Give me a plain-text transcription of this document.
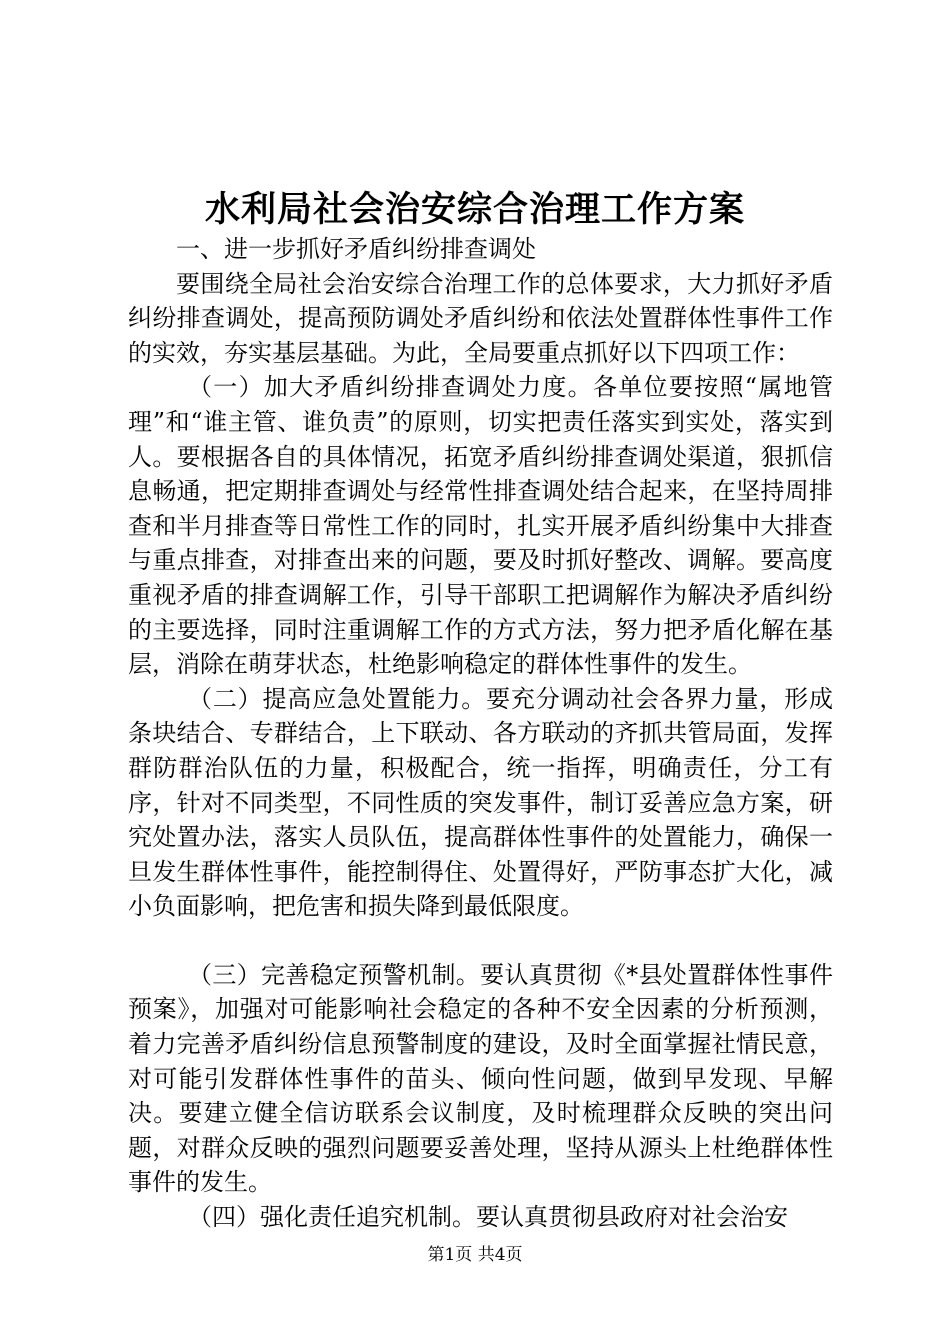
水利局社会治安综合治理工作方案

一、进一步抓好矛盾纠纷排查调处

要围绕全局社会治安综合治理工作的总体要求，大力抓好矛盾纠纷排查调处，提高预防调处矛盾纠纷和依法处置群体性事件工作的实效，夯实基层基础。为此，全局要重点抓好以下四项工作：

（一）加大矛盾纠纷排查调处力度。各单位要按照“属地管理”和“谁主管、谁负责”的原则，切实把责任落实到实处，落实到人。要根据各自的具体情况，拓宽矛盾纠纷排查调处渠道，狠抓信息畅通，把定期排查调处与经常性排查调处结合起来，在坚持周排查和半月排查等日常性工作的同时，扎实开展矛盾纠纷集中大排查与重点排查，对排查出来的问题，要及时抓好整改、调解。要高度重视矛盾的排查调解工作，引导干部职工把调解作为解决矛盾纠纷的主要选择，同时注重调解工作的方式方法，努力把矛盾化解在基层，消除在萌芽状态，杜绝影响稳定的群体性事件的发生。

（二）提高应急处置能力。要充分调动社会各界力量，形成条块结合、专群结合，上下联动、各方联动的齐抓共管局面，发挥群防群治队伍的力量，积极配合，统一指挥，明确责任，分工有序，针对不同类型，不同性质的突发事件，制订妥善应急方案，研究处置办法，落实人员队伍，提高群体性事件的处置能力，确保一旦发生群体性事件，能控制得住、处置得好，严防事态扩大化，减小负面影响，把危害和损失降到最低限度。

（三）完善稳定预警机制。要认真贯彻《*县处置群体性事件预案》，加强对可能影响社会稳定的各种不安全因素的分析预测，着力完善矛盾纠纷信息预警制度的建设，及时全面掌握社情民意，对可能引发群体性事件的苗头、倾向性问题，做到早发现、早解决。要建立健全信访联系会议制度，及时梳理群众反映的突出问题，对群众反映的强烈问题要妥善处理，坚持从源头上杜绝群体性事件的发生。

（四）强化责任追究机制。要认真贯彻县政府对社会治安

第1页 共4页
